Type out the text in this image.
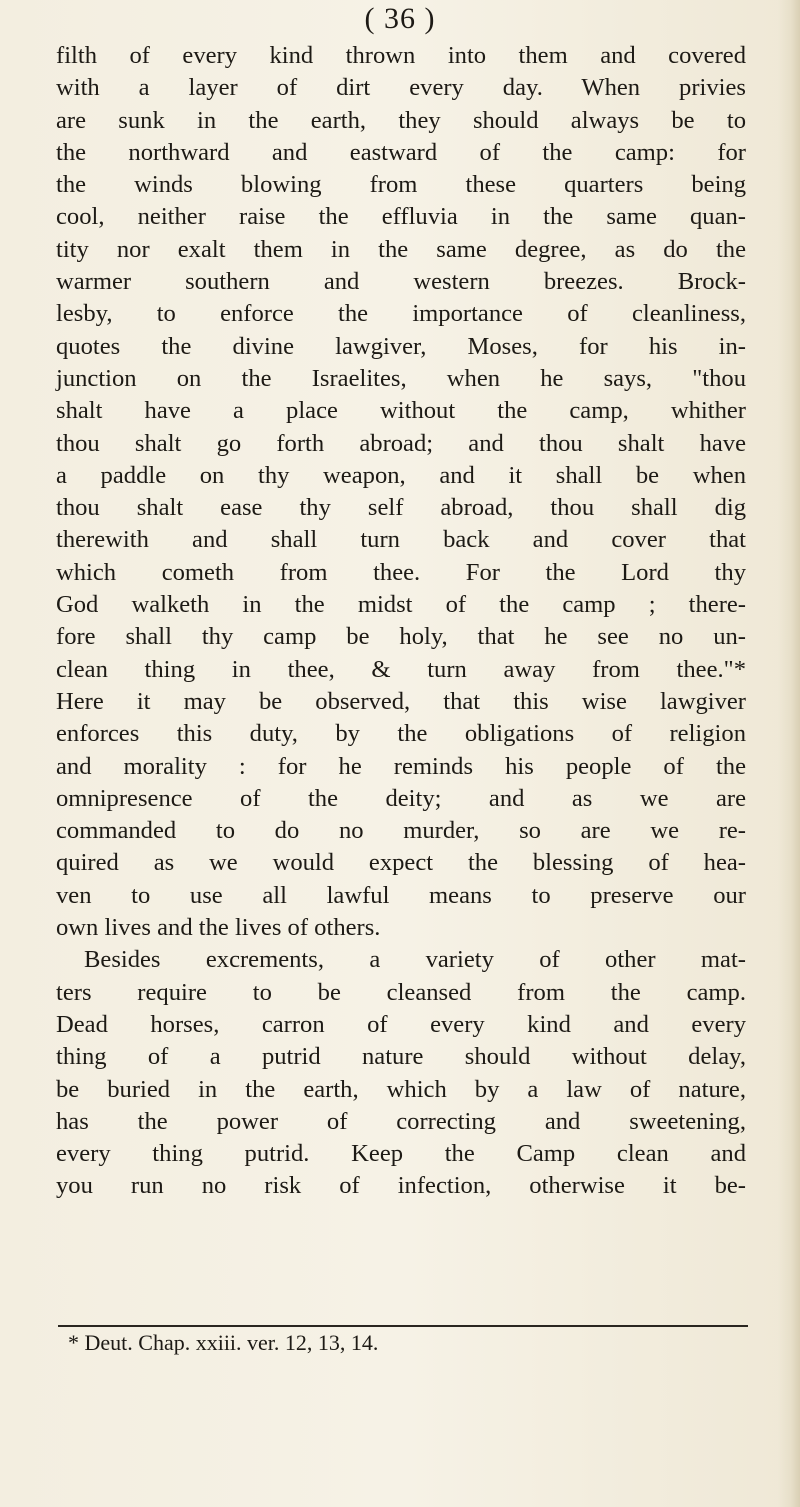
( 36 )
filth of every kind thrown into them and covered
with a layer of dirt every day. When privies
are sunk in the earth, they should always be to
the northward and eastward of the camp: for
the winds blowing from these quarters being
cool, neither raise the effluvia in the same quan-
tity nor exalt them in the same degree, as do the
warmer southern and western breezes. Brock-
lesby, to enforce the importance of cleanliness,
quotes the divine lawgiver, Moses, for his in-
junction on the Israelites, when he says, "thou
shalt have a place without the camp, whither
thou shalt go forth abroad; and thou shalt have
a paddle on thy weapon, and it shall be when
thou shalt ease thy self abroad, thou shall dig
therewith and shall turn back and cover that
which cometh from thee. For the Lord thy
God walketh in the midst of the camp ; there-
fore shall thy camp be holy, that he see no un-
clean thing in thee, & turn away from thee."*
Here it may be observed, that this wise lawgiver
enforces this duty, by the obligations of religion
and morality : for he reminds his people of the
omnipresence of the deity; and as we are
commanded to do no murder, so are we re-
quired as we would expect the blessing of hea-
ven to use all lawful means to preserve our
own lives and the lives of others.
Besides excrements, a variety of other mat-
ters require to be cleansed from the camp.
Dead horses, carron of every kind and every
thing of a putrid nature should without delay,
be buried in the earth, which by a law of nature,
has the power of correcting and sweetening,
every thing putrid. Keep the Camp clean and
you run no risk of infection, otherwise it be-
* Deut. Chap. xxiii. ver. 12, 13, 14.
